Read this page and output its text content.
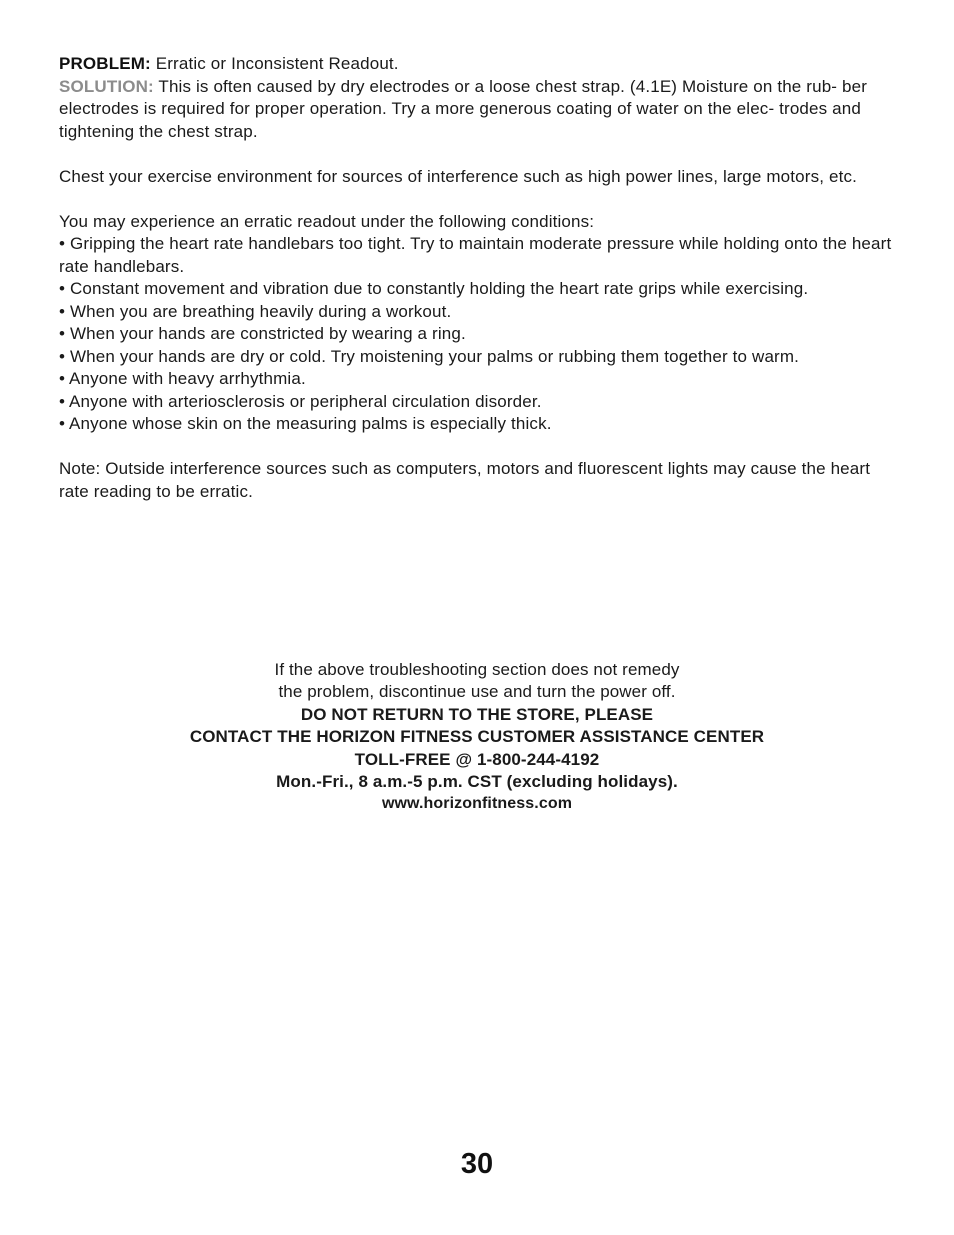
PROBLEM: Erratic or Inconsistent Readout.

SOLUTION: This is often caused by dry electrodes or a loose chest strap. (4.1E) Moisture on the rub- ber electrodes is required for proper operation. Try a more generous coating of water on the elec- trodes and tightening the chest strap.

Chest your exercise environment for sources of interference such as high power lines, large motors, etc.

You may experience an erratic readout under the following conditions:

• Gripping the heart rate handlebars too tight. Try to maintain moderate pressure while holding onto the heart rate handlebars.
• Constant movement and vibration due to constantly holding the heart rate grips while exercising.
• When you are breathing heavily during a workout.
• When your hands are constricted by wearing a ring.
• When your hands are dry or cold. Try moistening your palms or rubbing them together to warm.
• Anyone with heavy arrhythmia.
• Anyone with arteriosclerosis or peripheral circulation disorder.
• Anyone whose skin on the measuring palms is especially thick.

Note: Outside interference sources such as computers, motors and fluorescent lights may cause the heart rate reading to be erratic.

If the above troubleshooting section does not remedy
the problem, discontinue use and turn the power off.
DO NOT RETURN TO THE STORE, PLEASE
CONTACT THE HORIZON FITNESS CUSTOMER ASSISTANCE CENTER
TOLL-FREE @ 1-800-244-4192
Mon.-Fri., 8 a.m.-5 p.m. CST (excluding holidays).
www.horizonfitness.com
30
